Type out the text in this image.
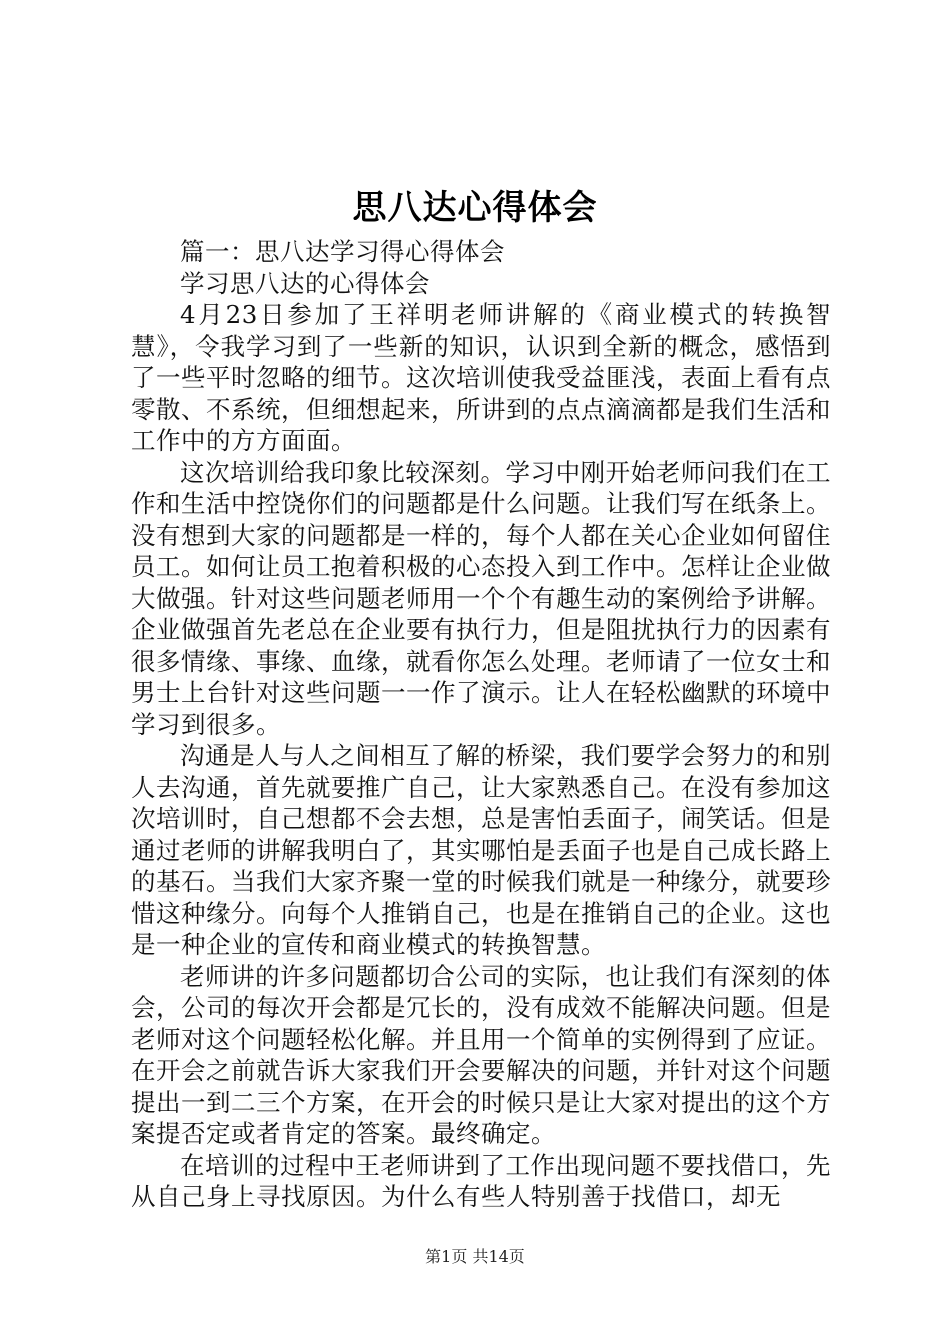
思八达心得体会

篇一：思八达学习得心得体会

学习思八达的心得体会

4月23日参加了王祥明老师讲解的《商业模式的转换智慧》，令我学习到了一些新的知识，认识到全新的概念，感悟到了一些平时忽略的细节。这次培训使我受益匪浅，表面上看有点零散、不系统，但细想起来，所讲到的点点滴滴都是我们生活和工作中的方方面面。

这次培训给我印象比较深刻。学习中刚开始老师问我们在工作和生活中控饶你们的问题都是什么问题。让我们写在纸条上。没有想到大家的问题都是一样的，每个人都在关心企业如何留住员工。如何让员工抱着积极的心态投入到工作中。怎样让企业做大做强。针对这些问题老师用一个个有趣生动的案例给予讲解。企业做强首先老总在企业要有执行力，但是阻扰执行力的因素有很多情缘、事缘、血缘，就看你怎么处理。老师请了一位女士和男士上台针对这些问题一一作了演示。让人在轻松幽默的环境中学习到很多。

沟通是人与人之间相互了解的桥梁，我们要学会努力的和别人去沟通，首先就要推广自己，让大家熟悉自己。在没有参加这次培训时，自己想都不会去想，总是害怕丢面子，闹笑话。但是通过老师的讲解我明白了，其实哪怕是丢面子也是自己成长路上的基石。当我们大家齐聚一堂的时候我们就是一种缘分，就要珍惜这种缘分。向每个人推销自己，也是在推销自己的企业。这也是一种企业的宣传和商业模式的转换智慧。

老师讲的许多问题都切合公司的实际，也让我们有深刻的体会，公司的每次开会都是冗长的，没有成效不能解决问题。但是老师对这个问题轻松化解。并且用一个简单的实例得到了应证。在开会之前就告诉大家我们开会要解决的问题，并针对这个问题提出一到二三个方案，在开会的时候只是让大家对提出的这个方案提否定或者肯定的答案。最终确定。

在培训的过程中王老师讲到了工作出现问题不要找借口，先从自己身上寻找原因。为什么有些人特别善于找借口，却无

第1页 共14页
